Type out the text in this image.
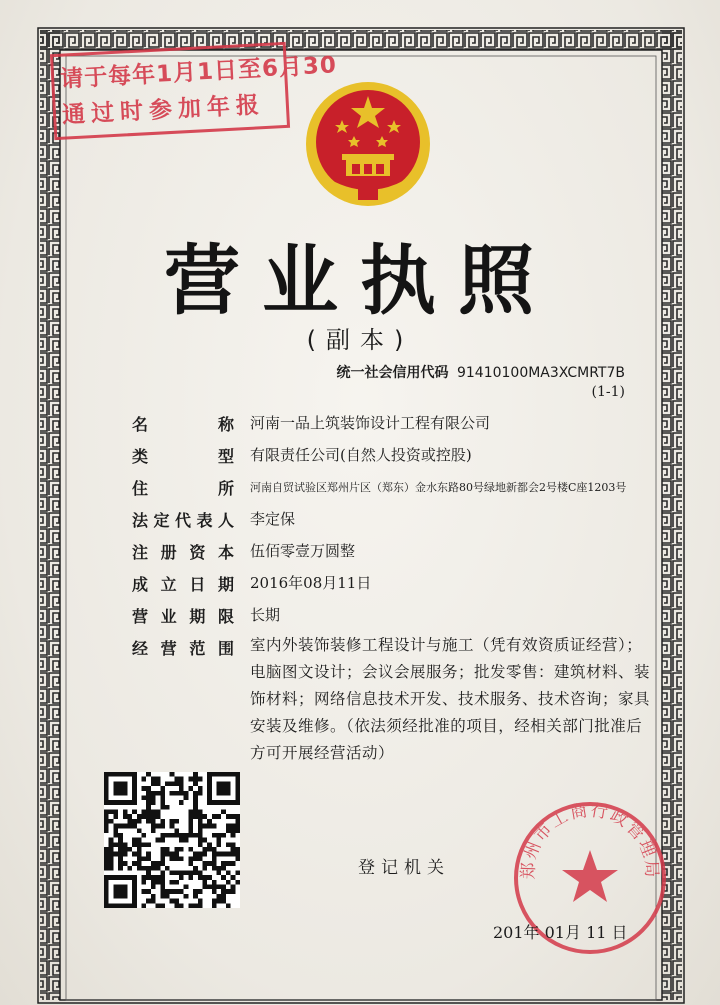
请于每年1月1日至6月30
通过时参加年报
营业执照
(副本)
统一社会信用代码 91410100MA3XCMRT7B
(1-1)
名	称 河南一品上筑装饰设计工程有限公司
类	型 有限责任公司(自然人投资或控股)
住	所 河南自贸试验区郑州片区（郑东）金水东路80号绿地新都会2号楼C座1203号
法 定 代 表 人 李定保
注 册 资 本 伍佰零壹万圆整
成 立 日 期 2016年08月11日
营 业 期 限 长期
经 营 范 围 室内外装饰装修工程设计与施工（凭有效资质证经营）；电脑图文设计；会议会展服务；批发零售：建筑材料、装饰材料；网络信息技术开发、技术服务、技术咨询；家具安装及维修。（依法须经批准的项目，经相关部门批准后方可开展经营活动）
登记机关	郑州市工商行政管理局
201年 01月 11 日
